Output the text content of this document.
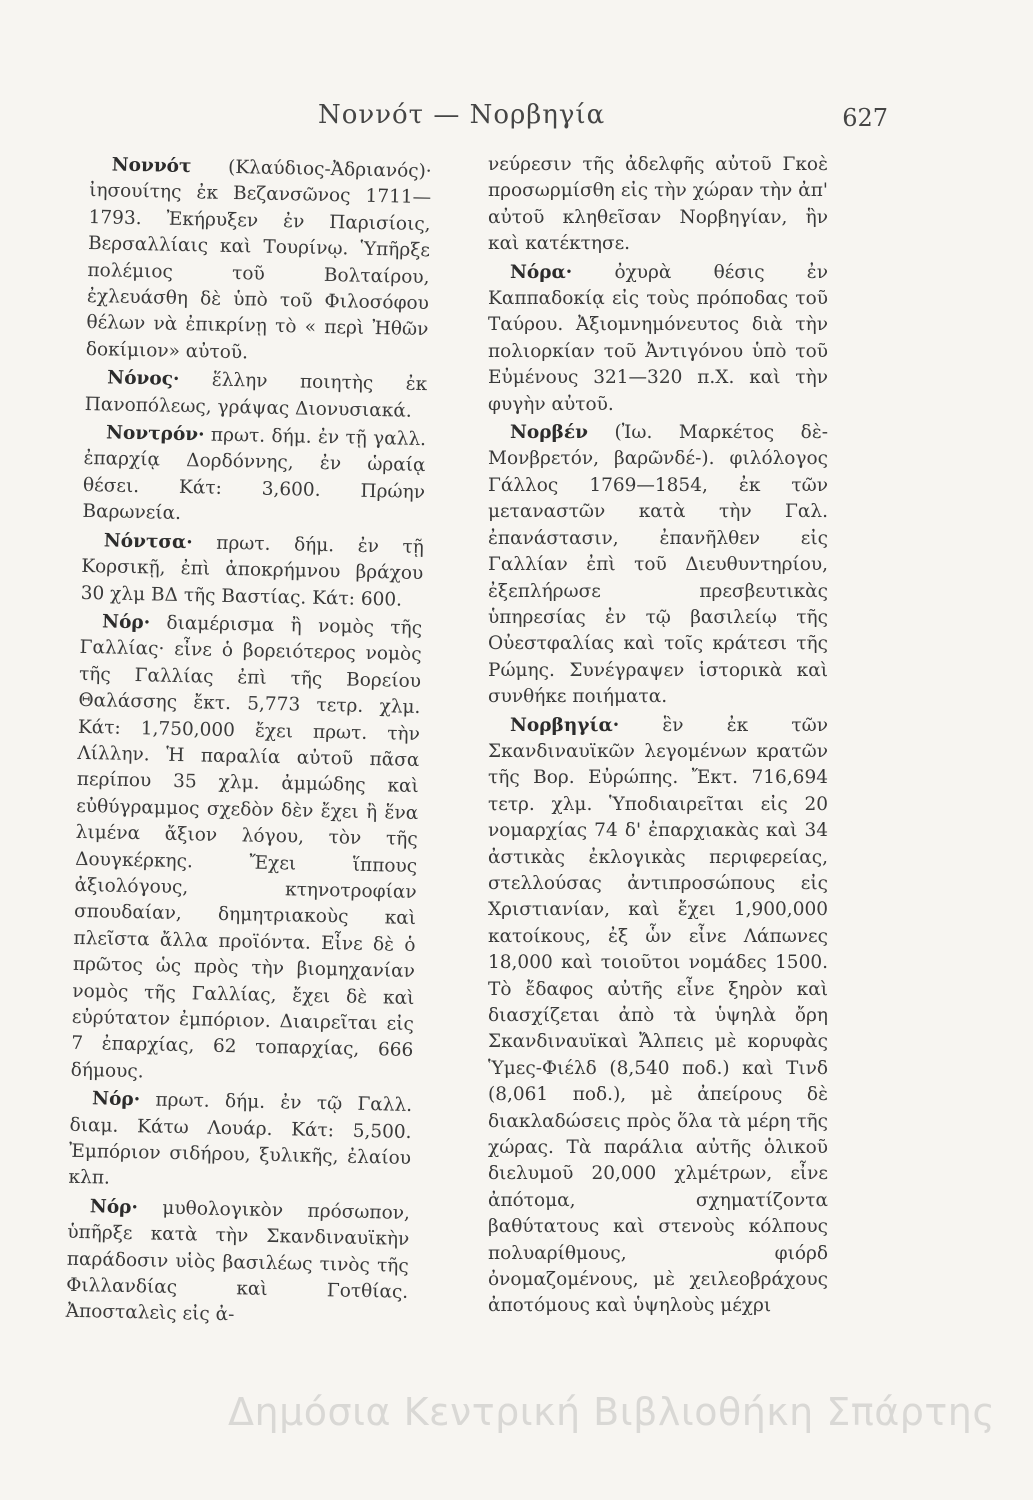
Νοννότ — Νορβηγία	627

Νοννότ (Κλαύδιος-Ἀδριανός)· ἰησουίτης ἐκ Βεζανσῶνος 1711—1793. Ἐκήρυξεν ἐν Παρισίοις, Βερσαλλίαις καὶ Τουρίνῳ. Ὑπῆρξε πολέμιος τοῦ Βολταίρου, ἐχλευάσθη δὲ ὑπὸ τοῦ Φιλοσόφου θέλων νὰ ἐπικρίνῃ τὸ « περὶ Ἠθῶν δοκίμιον» αὐτοῦ.

Νόνος· ἕλλην ποιητὴς ἐκ Πανοπόλεως, γράψας Διονυσιακά.

Νοντρόν· πρωτ. δήμ. ἐν τῇ γαλλ. ἐπαρχίᾳ Δορδόννης, ἐν ὡραίᾳ θέσει. Κάτ: 3,600. Πρώην Βαρωνεία.

Νόντσα· πρωτ. δήμ. ἐν τῇ Κορσικῇ, ἐπὶ ἀποκρήμνου βράχου 30 χλμ ΒΔ τῆς Βαστίας. Κάτ: 600.

Νόρ· διαμέρισμα ἢ νομὸς τῆς Γαλλίας· εἶνε ὁ βορειότερος νομὸς τῆς Γαλλίας ἐπὶ τῆς Βορείου Θαλάσσης ἔκτ. 5,773 τετρ. χλμ. Κάτ: 1,750,000 ἔχει πρωτ. τὴν Λίλλην. Ἡ παραλία αὐτοῦ πᾶσα περίπου 35 χλμ. ἀμμώδης καὶ εὐθύγραμμος σχεδὸν δὲν ἔχει ἢ ἕνα λιμένα ἄξιον λόγου, τὸν τῆς Δουγκέρκης. Ἔχει ἵππους ἀξιολόγους, κτηνοτροφίαν σπουδαίαν, δημητριακοὺς καὶ πλεῖστα ἄλλα προϊόντα. Εἶνε δὲ ὁ πρῶτος ὡς πρὸς τὴν βιομηχανίαν νομὸς τῆς Γαλλίας, ἔχει δὲ καὶ εὐρύτατον ἐμπόριον. Διαιρεῖται εἰς 7 ἐπαρχίας, 62 τοπαρχίας, 666 δήμους.

Νόρ· πρωτ. δήμ. ἐν τῷ Γαλλ. διαμ. Κάτω Λουάρ. Κάτ: 5,500. Ἐμπόριον σιδήρου, ξυλικῆς, ἐλαίου κλπ.

Νόρ· μυθολογικὸν πρόσωπον, ὑπῆρξε κατὰ τὴν Σκανδιναυϊκὴν παράδοσιν υἱὸς βασιλέως τινὸς τῆς Φιλλανδίας καὶ Γοτθίας. Ἀποσταλεὶς εἰς ἀ-

νεύρεσιν τῆς ἀδελφῆς αὐτοῦ Γκοὲ προσωρμίσθη εἰς τὴν χώραν τὴν ἀπ' αὐτοῦ κληθεῖσαν Νορβηγίαν, ἣν καὶ κατέκτησε.

Νόρα· ὀχυρὰ θέσις ἐν Καππαδοκίᾳ εἰς τοὺς πρόποδας τοῦ Ταύρου. Ἀξιομνημόνευτος διὰ τὴν πολιορκίαν τοῦ Ἀντιγόνου ὑπὸ τοῦ Εὐμένους 321—320 π.Χ. καὶ τὴν φυγὴν αὐτοῦ.

Νορβέν (Ἰω. Μαρκέτος δὲ-Μονβρετόν, βαρῶνδέ-). φιλόλογος Γάλλος 1769—1854, ἐκ τῶν μεταναστῶν κατὰ τὴν Γαλ. ἐπανάστασιν, ἐπανῆλθεν εἰς Γαλλίαν ἐπὶ τοῦ Διευθυντηρίου, ἐξεπλήρωσε πρεσβευτικὰς ὑπηρεσίας ἐν τῷ βασιλείῳ τῆς Οὐεστφαλίας καὶ τοῖς κράτεσι τῆς Ρώμης. Συνέγραψεν ἱστορικὰ καὶ συνθήκε ποιήματα.

Νορβηγία· ἓν ἐκ τῶν Σκανδιναυϊκῶν λεγομένων κρατῶν τῆς Βορ. Εὐρώπης. Ἔκτ. 716,694 τετρ. χλμ. Ὑποδιαιρεῖται εἰς 20 νομαρχίας 74 δ' ἐπαρχιακὰς καὶ 34 ἀστικὰς ἐκλογικὰς περιφερείας, στελλούσας ἀντιπροσώπους εἰς Χριστιανίαν, καὶ ἔχει 1,900,000 κατοίκους, ἐξ ὧν εἶνε Λάπωνες 18,000 καὶ τοιοῦτοι νομάδες 1500. Τὸ ἔδαφος αὐτῆς εἶνε ξηρὸν καὶ διασχίζεται ἀπὸ τὰ ὑψηλὰ ὄρη Σκανδιναυϊκαὶ Ἄλπεις μὲ κορυφὰς Ὑμες-Φιέλδ (8,540 ποδ.) καὶ Τινδ (8,061 ποδ.), μὲ ἀπείρους δὲ διακλαδώσεις πρὸς ὅλα τὰ μέρη τῆς χώρας. Τὰ παράλια αὐτῆς ὁλικοῦ διελυμοῦ 20,000 χλμέτρων, εἶνε ἀπότομα, σχηματίζοντα βαθύτατους καὶ στενοὺς κόλπους πολυαρίθμους, φιόρδ ὀνομαζομένους, μὲ χειλεοβράχους ἀποτόμους καὶ ὑψηλοὺς μέχρι

Δημόσια Κεντρική Βιβλιοθήκη Σπάρτης
